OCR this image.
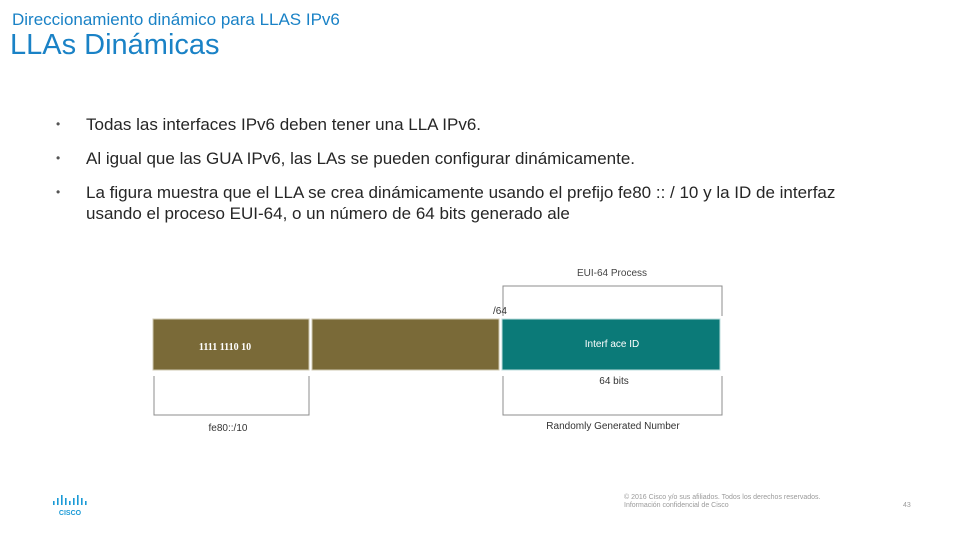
Direccionamiento dinámico para LLAS IPv6
LLAs Dinámicas
• Todas las interfaces IPv6 deben tener una LLA IPv6.
• Al igual que las GUA IPv6, las LAs se pueden configurar dinámicamente.
• La figura muestra que el LLA se crea dinámicamente usando el prefijo fe80 :: / 10 y la ID de interfaz usando el proceso EUI-64, o un número de 64 bits generado ale
EUI-64 Process
/64
1111 1110 10	Interf ace ID
64 bits
Randomly Generated Number
fe80::/10
CISCO
© 2016 Cisco y/o sus afiliados. Todos los derechos reservados.
Información confidencial de Cisco	43
